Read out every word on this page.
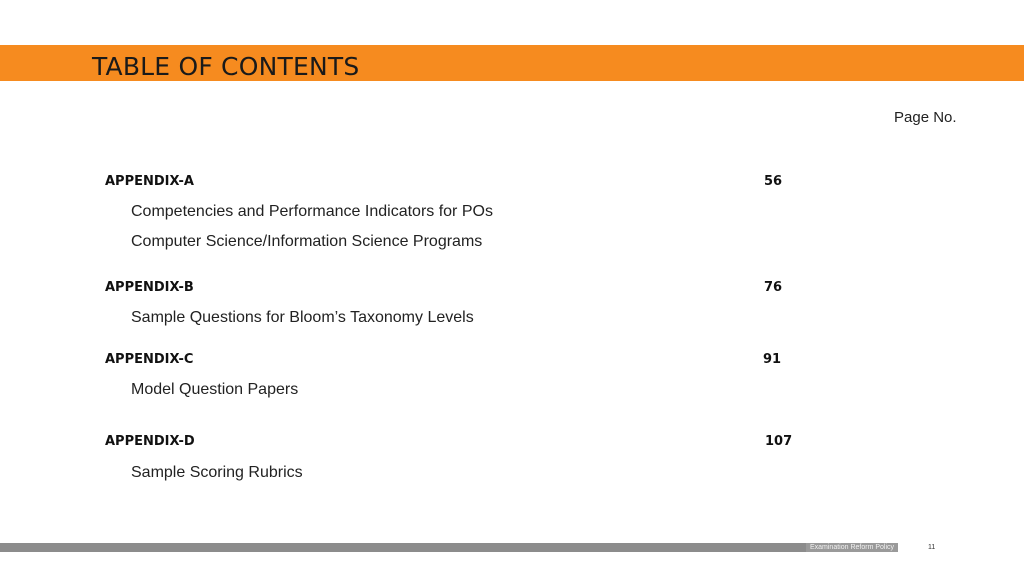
TABLE OF CONTENTS
Page No.
APPENDIX-A	56
Competencies and Performance Indicators for POs
Computer Science/Information Science Programs
APPENDIX-B	76
Sample Questions for Bloom’s Taxonomy Levels
APPENDIX-C	91
Model Question Papers
APPENDIX-D	107
Sample Scoring Rubrics
Examination Reform Policy	11
